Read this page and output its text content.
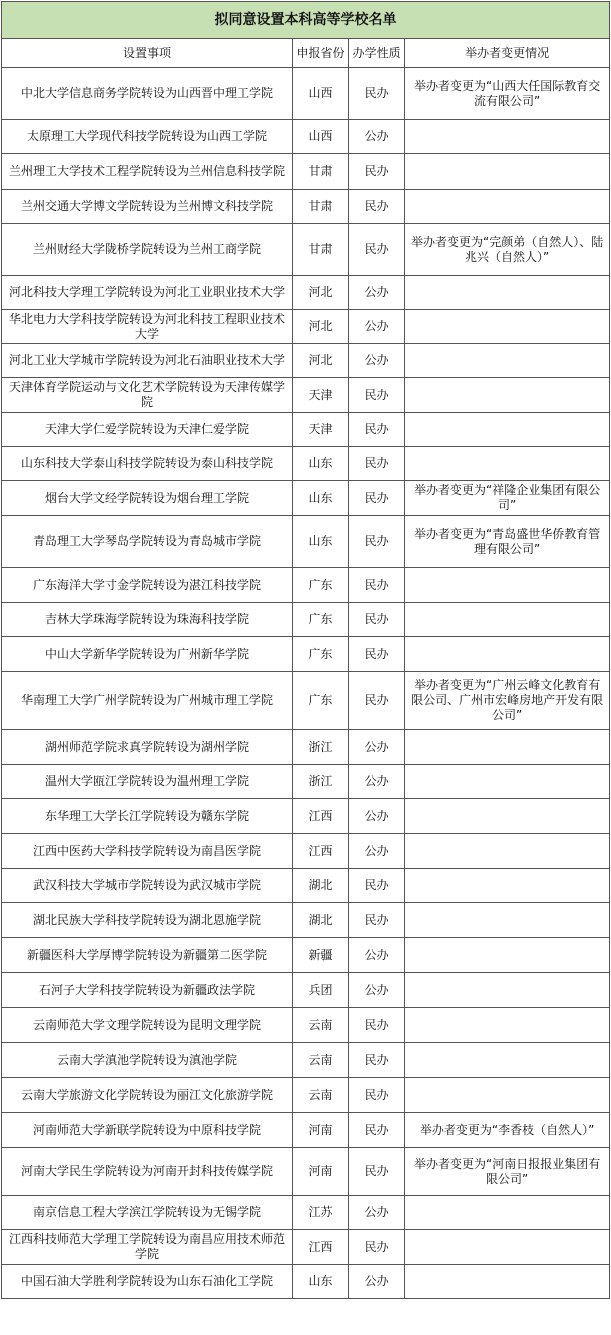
拟同意设置本科高等学校名单			
设置事项	申报省份	办学性质	举办者变更情况
中北大学信息商务学院转设为山西晋中理工学院	山西	民办	举办者变更为“山西大任国际教育交流有限公司”
太原理工大学现代科技学院转设为山西工学院	山西	公办	
兰州理工大学技术工程学院转设为兰州信息科技学院	甘肃	民办	
兰州交通大学博文学院转设为兰州博文科技学院	甘肃	民办	
兰州财经大学陇桥学院转设为兰州工商学院	甘肃	民办	举办者变更为“完颜弟（自然人）、陆兆兴（自然人）”
河北科技大学理工学院转设为河北工业职业技术大学	河北	公办	
华北电力大学科技学院转设为河北科技工程职业技术大学	河北	公办	
河北工业大学城市学院转设为河北石油职业技术大学	河北	公办	
天津体育学院运动与文化艺术学院转设为天津传媒学院	天津	民办	
天津大学仁爱学院转设为天津仁爱学院	天津	民办	
山东科技大学泰山科技学院转设为泰山科技学院	山东	民办	
烟台大学文经学院转设为烟台理工学院	山东	民办	举办者变更为“祥隆企业集团有限公司”
青岛理工大学琴岛学院转设为青岛城市学院	山东	民办	举办者变更为“青岛盛世华侨教育管理有限公司”
广东海洋大学寸金学院转设为湛江科技学院	广东	民办	
吉林大学珠海学院转设为珠海科技学院	广东	民办	
中山大学新华学院转设为广州新华学院	广东	民办	
华南理工大学广州学院转设为广州城市理工学院	广东	民办	举办者变更为“广州云峰文化教育有限公司、广州市宏峰房地产开发有限公司”
湖州师范学院求真学院转设为湖州学院	浙江	公办	
温州大学瓯江学院转设为温州理工学院	浙江	公办	
东华理工大学长江学院转设为赣东学院	江西	公办	
江西中医药大学科技学院转设为南昌医学院	江西	公办	
武汉科技大学城市学院转设为武汉城市学院	湖北	民办	
湖北民族大学科技学院转设为湖北恩施学院	湖北	民办	
新疆医科大学厚博学院转设为新疆第二医学院	新疆	公办	
石河子大学科技学院转设为新疆政法学院	兵团	公办	
云南师范大学文理学院转设为昆明文理学院	云南	民办	
云南大学滇池学院转设为滇池学院	云南	民办	
云南大学旅游文化学院转设为丽江文化旅游学院	云南	民办	
河南师范大学新联学院转设为中原科技学院	河南	民办	举办者变更为“李香枝（自然人）”
河南大学民生学院转设为河南开封科技传媒学院	河南	民办	举办者变更为“河南日报报业集团有限公司”
南京信息工程大学滨江学院转设为无锡学院	江苏	公办	
江西科技师范大学理工学院转设为南昌应用技术师范学院	江西	民办	
中国石油大学胜利学院转设为山东石油化工学院	山东	公办	
